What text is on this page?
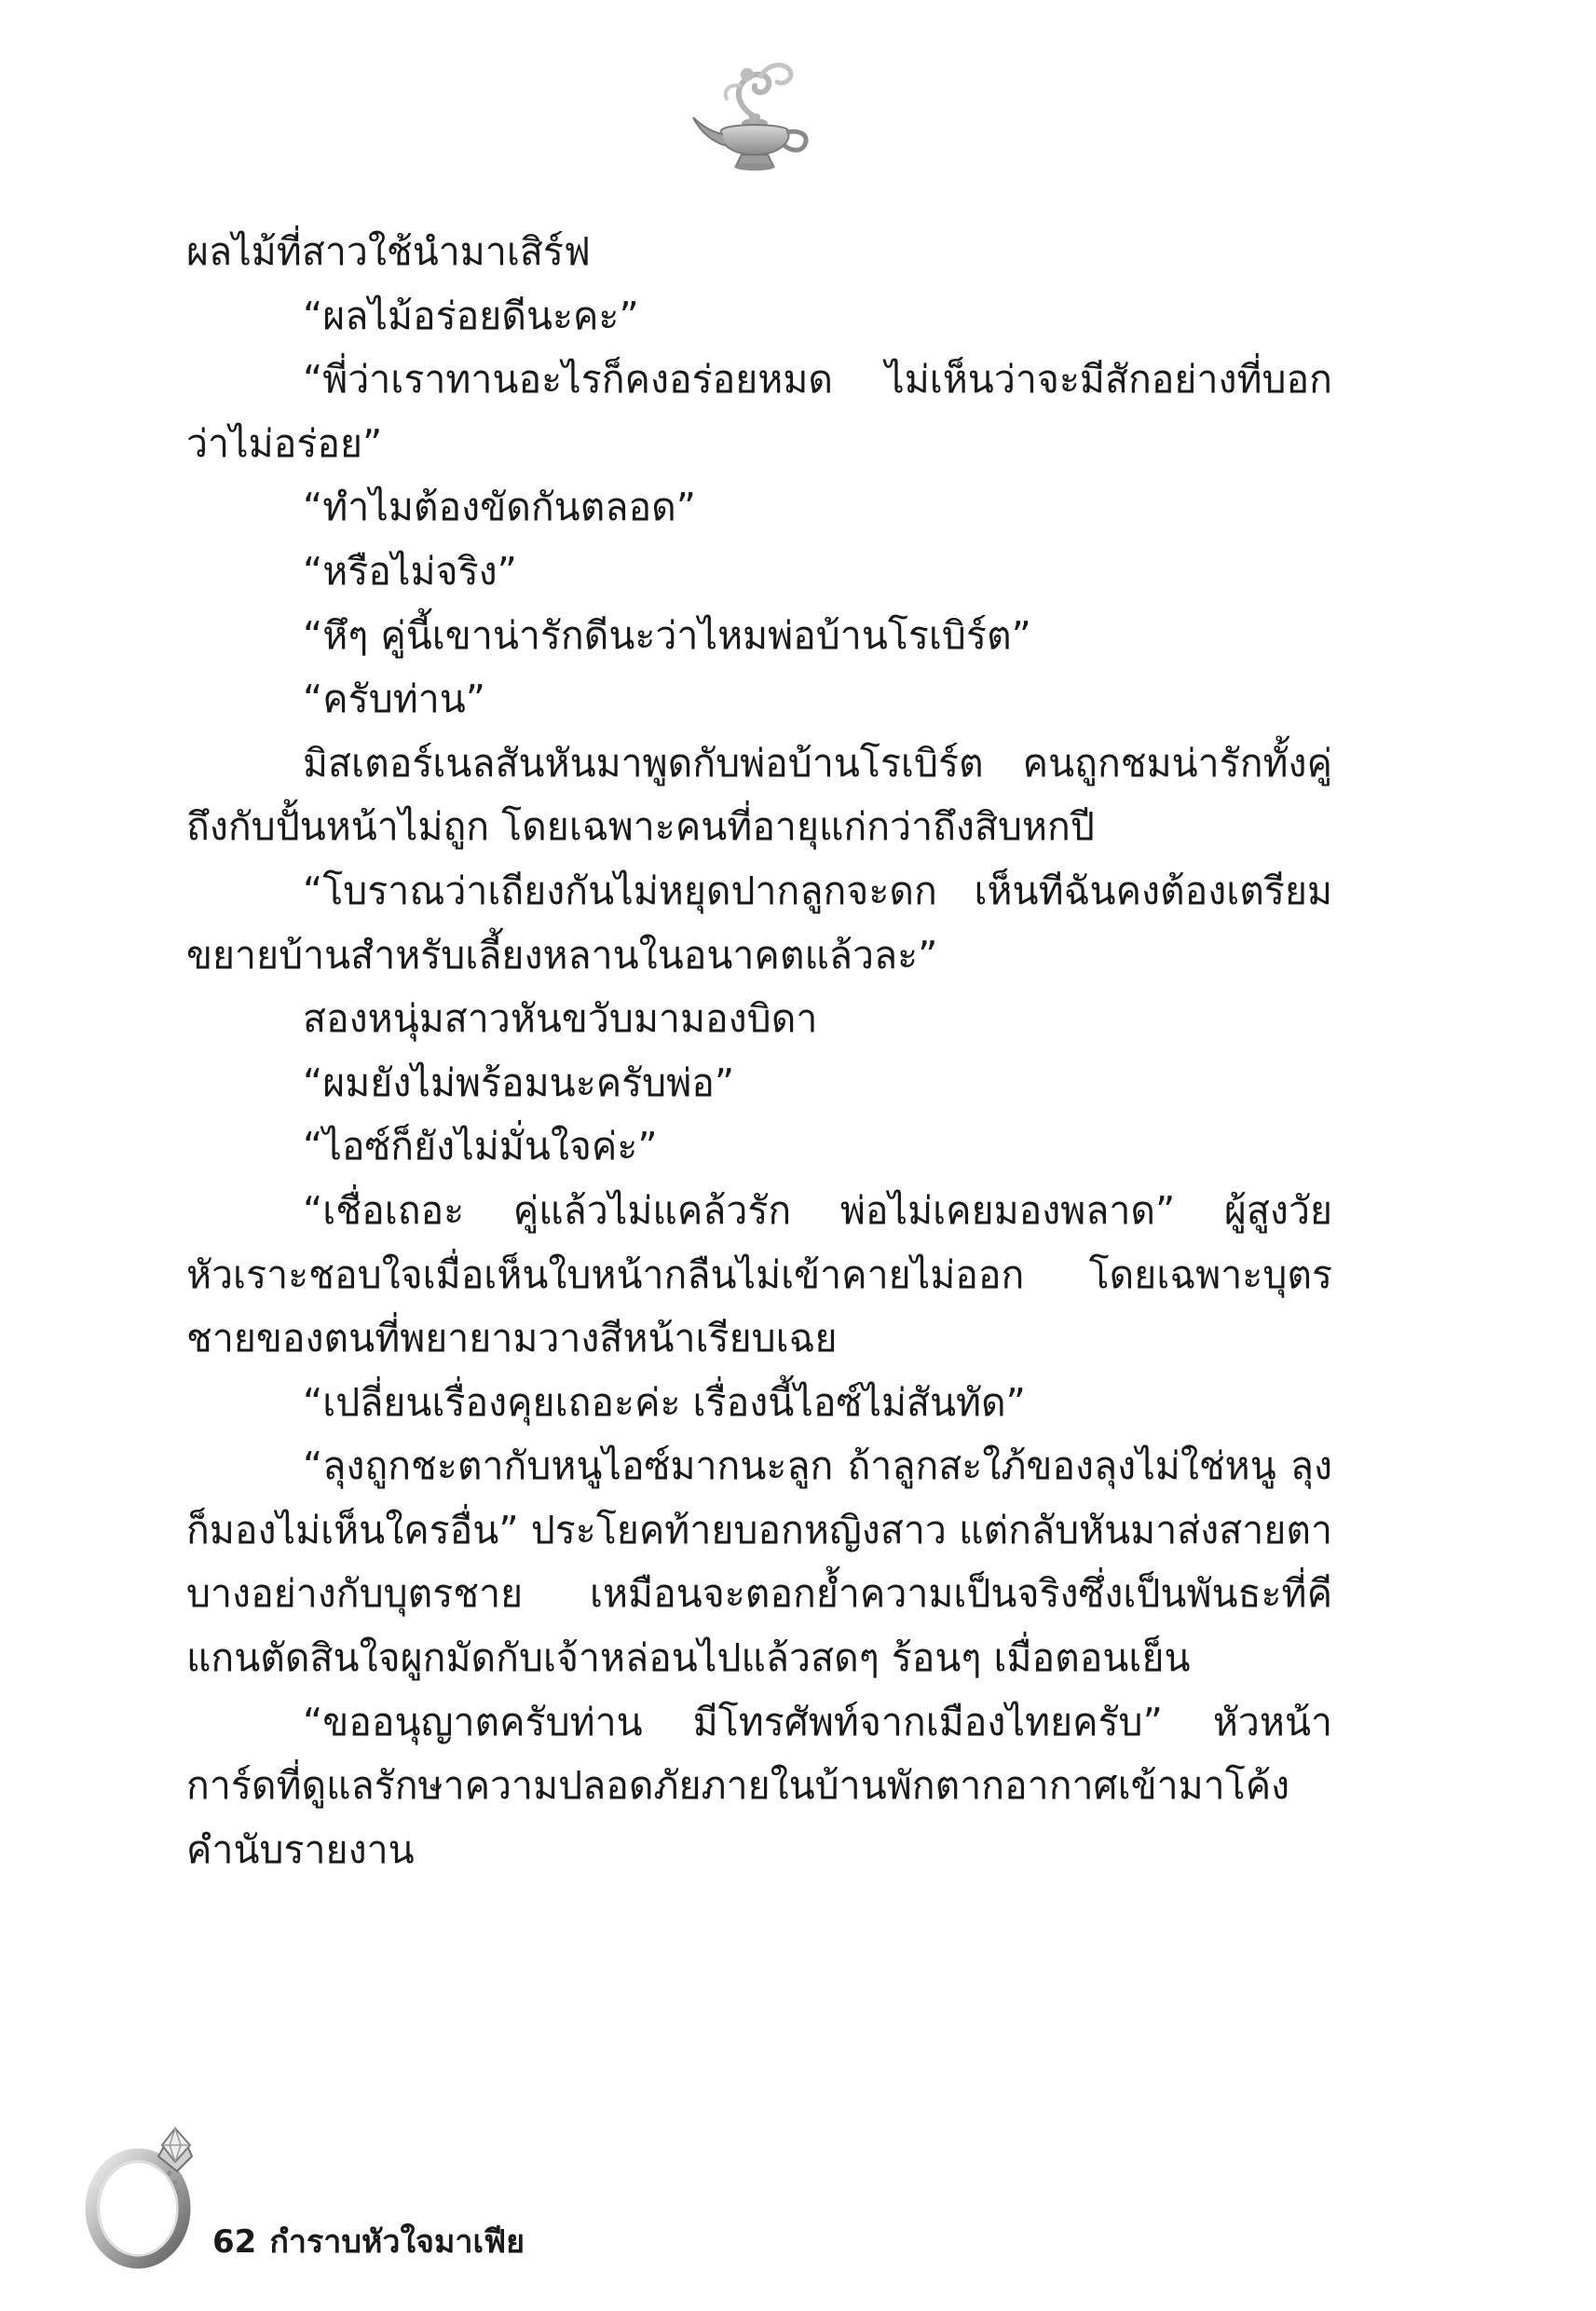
ผลไม้ที่สาวใช้นำมาเสิร์ฟ

“ผลไม้อร่อยดีนะคะ”

“พี่ว่าเราทานอะไรก็คงอร่อยหมด ไม่เห็นว่าจะมีสักอย่างที่บอกว่าไม่อร่อย”

“ทำไมต้องขัดกันตลอด”

“หรือไม่จริง”

“หึๆ คู่นี้เขาน่ารักดีนะว่าไหมพ่อบ้านโรเบิร์ต”

“ครับท่าน”

มิสเตอร์เนลสันหันมาพูดกับพ่อบ้านโรเบิร์ต คนถูกชมน่ารักทั้งคู่ถึงกับปั้นหน้าไม่ถูก โดยเฉพาะคนที่อายุแก่กว่าถึงสิบหกปี

“โบราณว่าเถียงกันไม่หยุดปากลูกจะดก เห็นทีฉันคงต้องเตรียมขยายบ้านสำหรับเลี้ยงหลานในอนาคตแล้วละ”

สองหนุ่มสาวหันขวับมามองบิดา

“ผมยังไม่พร้อมนะครับพ่อ”

“ไอซ์ก็ยังไม่มั่นใจค่ะ”

“เชื่อเถอะ คู่แล้วไม่แคล้วรัก พ่อไม่เคยมองพลาด” ผู้สูงวัยหัวเราะชอบใจเมื่อเห็นใบหน้ากลืนไม่เข้าคายไม่ออก โดยเฉพาะบุตรชายของตนที่พยายามวางสีหน้าเรียบเฉย

“เปลี่ยนเรื่องคุยเถอะค่ะ เรื่องนี้ไอซ์ไม่สันทัด”

“ลุงถูกชะตากับหนูไอซ์มากนะลูก ถ้าลูกสะใภ้ของลุงไม่ใช่หนู ลุงก็มองไม่เห็นใครอื่น” ประโยคท้ายบอกหญิงสาว แต่กลับหันมาส่งสายตาบางอย่างกับบุตรชาย เหมือนจะตอกย้ำความเป็นจริงซึ่งเป็นพันธะที่คีแกนตัดสินใจผูกมัดกับเจ้าหล่อนไปแล้วสดๆ ร้อนๆ เมื่อตอนเย็น

“ขออนุญาตครับท่าน มีโทรศัพท์จากเมืองไทยครับ” หัวหน้าการ์ดที่ดูแลรักษาความปลอดภัยภายในบ้านพักตากอากาศเข้ามาโค้งคำนับรายงาน

62 กำราบหัวใจมาเฟีย
